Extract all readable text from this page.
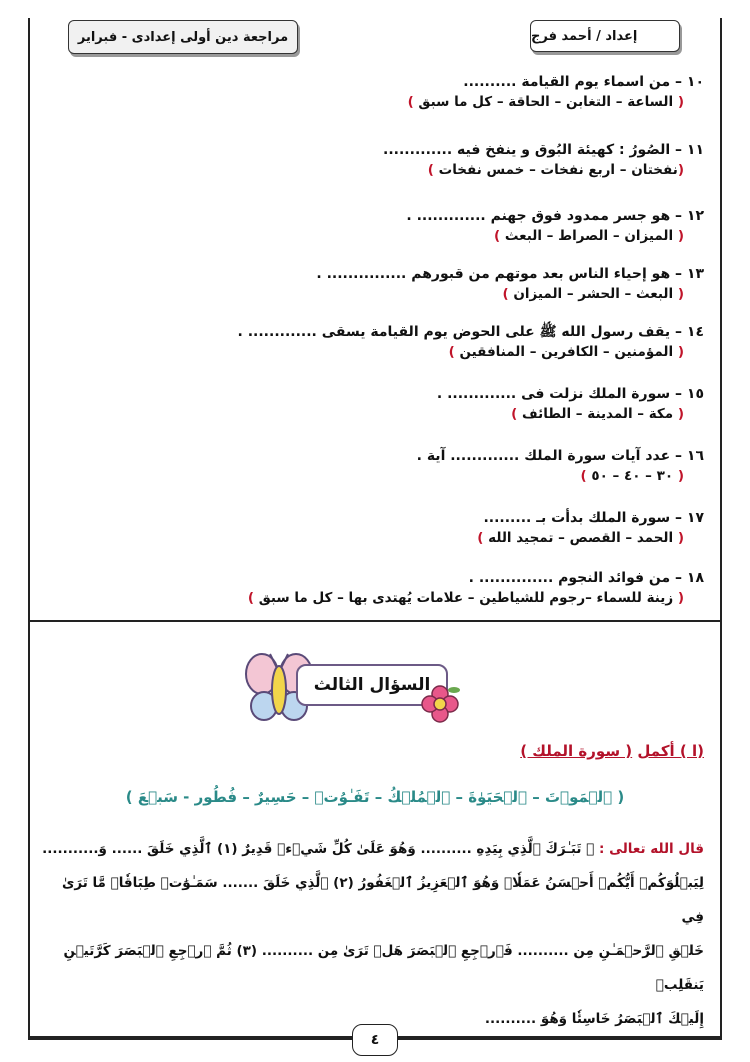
مراجعة دين أولى إعدادى - فبراير	إعداد / أحمد فرج
١٠ – من اسماء يوم القيامة ..........
( الساعة – التغابن – الحاقة – كل ما سبق )
١١ – الصُورُ : كهيئة البُوق و ينفخ فيه .............
(نفختان – اربع نفخات – خمس نفخات )
١٢ – هو جسر ممدود فوق جهنم ............. .
( الميزان – الصراط – البعث )
١٣ – هو إحياء الناس بعد موتهم من قبورهم ............... .
( البعث – الحشر – الميزان )
١٤ – يقف رسول الله ﷺ على الحوض يوم القيامة يسقى ............. .
( المؤمنين – الكافرين – المنافقين )
١٥ – سورة الملك نزلت فى ............. .
( مكة – المدينة – الطائف )
١٦ – عدد آيات سورة الملك ............. آية .
( ٣٠ – ٤٠ – ٥٠ )
١٧ – سورة الملك بدأت بـ .........
( الحمد – القصص – تمجيد الله )
١٨ – من فوائد النجوم .............. .
( زينة للسماء –رجوم للشياطين – علامات يُهتدى بها – كل ما سبق )
السؤال الثالث
(ا ) أكمل ( سورة الملك )
( ٱلۡمَوۡتَ – ٱلۡحَيَوٰةَ – ٱلۡمُلۡكُ – تَفَـٰوُتٖ – حَسِيرٌ – فُطُور - سَبۡعَ )
قال الله تعالى : ﴿ تَبَـٰرَكَ ٱلَّذِي بِيَدِهِ .......... وَهُوَ عَلَىٰ كُلِّ شَيۡءٖ قَدِيرٌ (١) ٱلَّذِي خَلَقَ ...... وَ...........
لِيَبۡلُوَكُمۡ أَيُّكُمۡ أَحۡسَنُ عَمَلٗاۚ وَهُوَ ٱلۡعَزِيزُ ٱلۡغَفُورُ (٢) ٱلَّذِي خَلَقَ ....... سَمَـٰوَٰتٖ طِبَاقٗاۖ مَّا تَرَىٰ فِي
خَلۡقِ ٱلرَّحۡمَـٰنِ مِن .......... فَٱرۡجِعِ ٱلۡبَصَرَ هَلۡ تَرَىٰ مِن .......... (٣) ثُمَّ ٱرۡجِعِ ٱلۡبَصَرَ كَرَّتَيۡنِ يَنقَلِبۡ
إِلَيۡكَ ٱلۡبَصَرُ خَاسِئٗا وَهُوَ ..........
٤
